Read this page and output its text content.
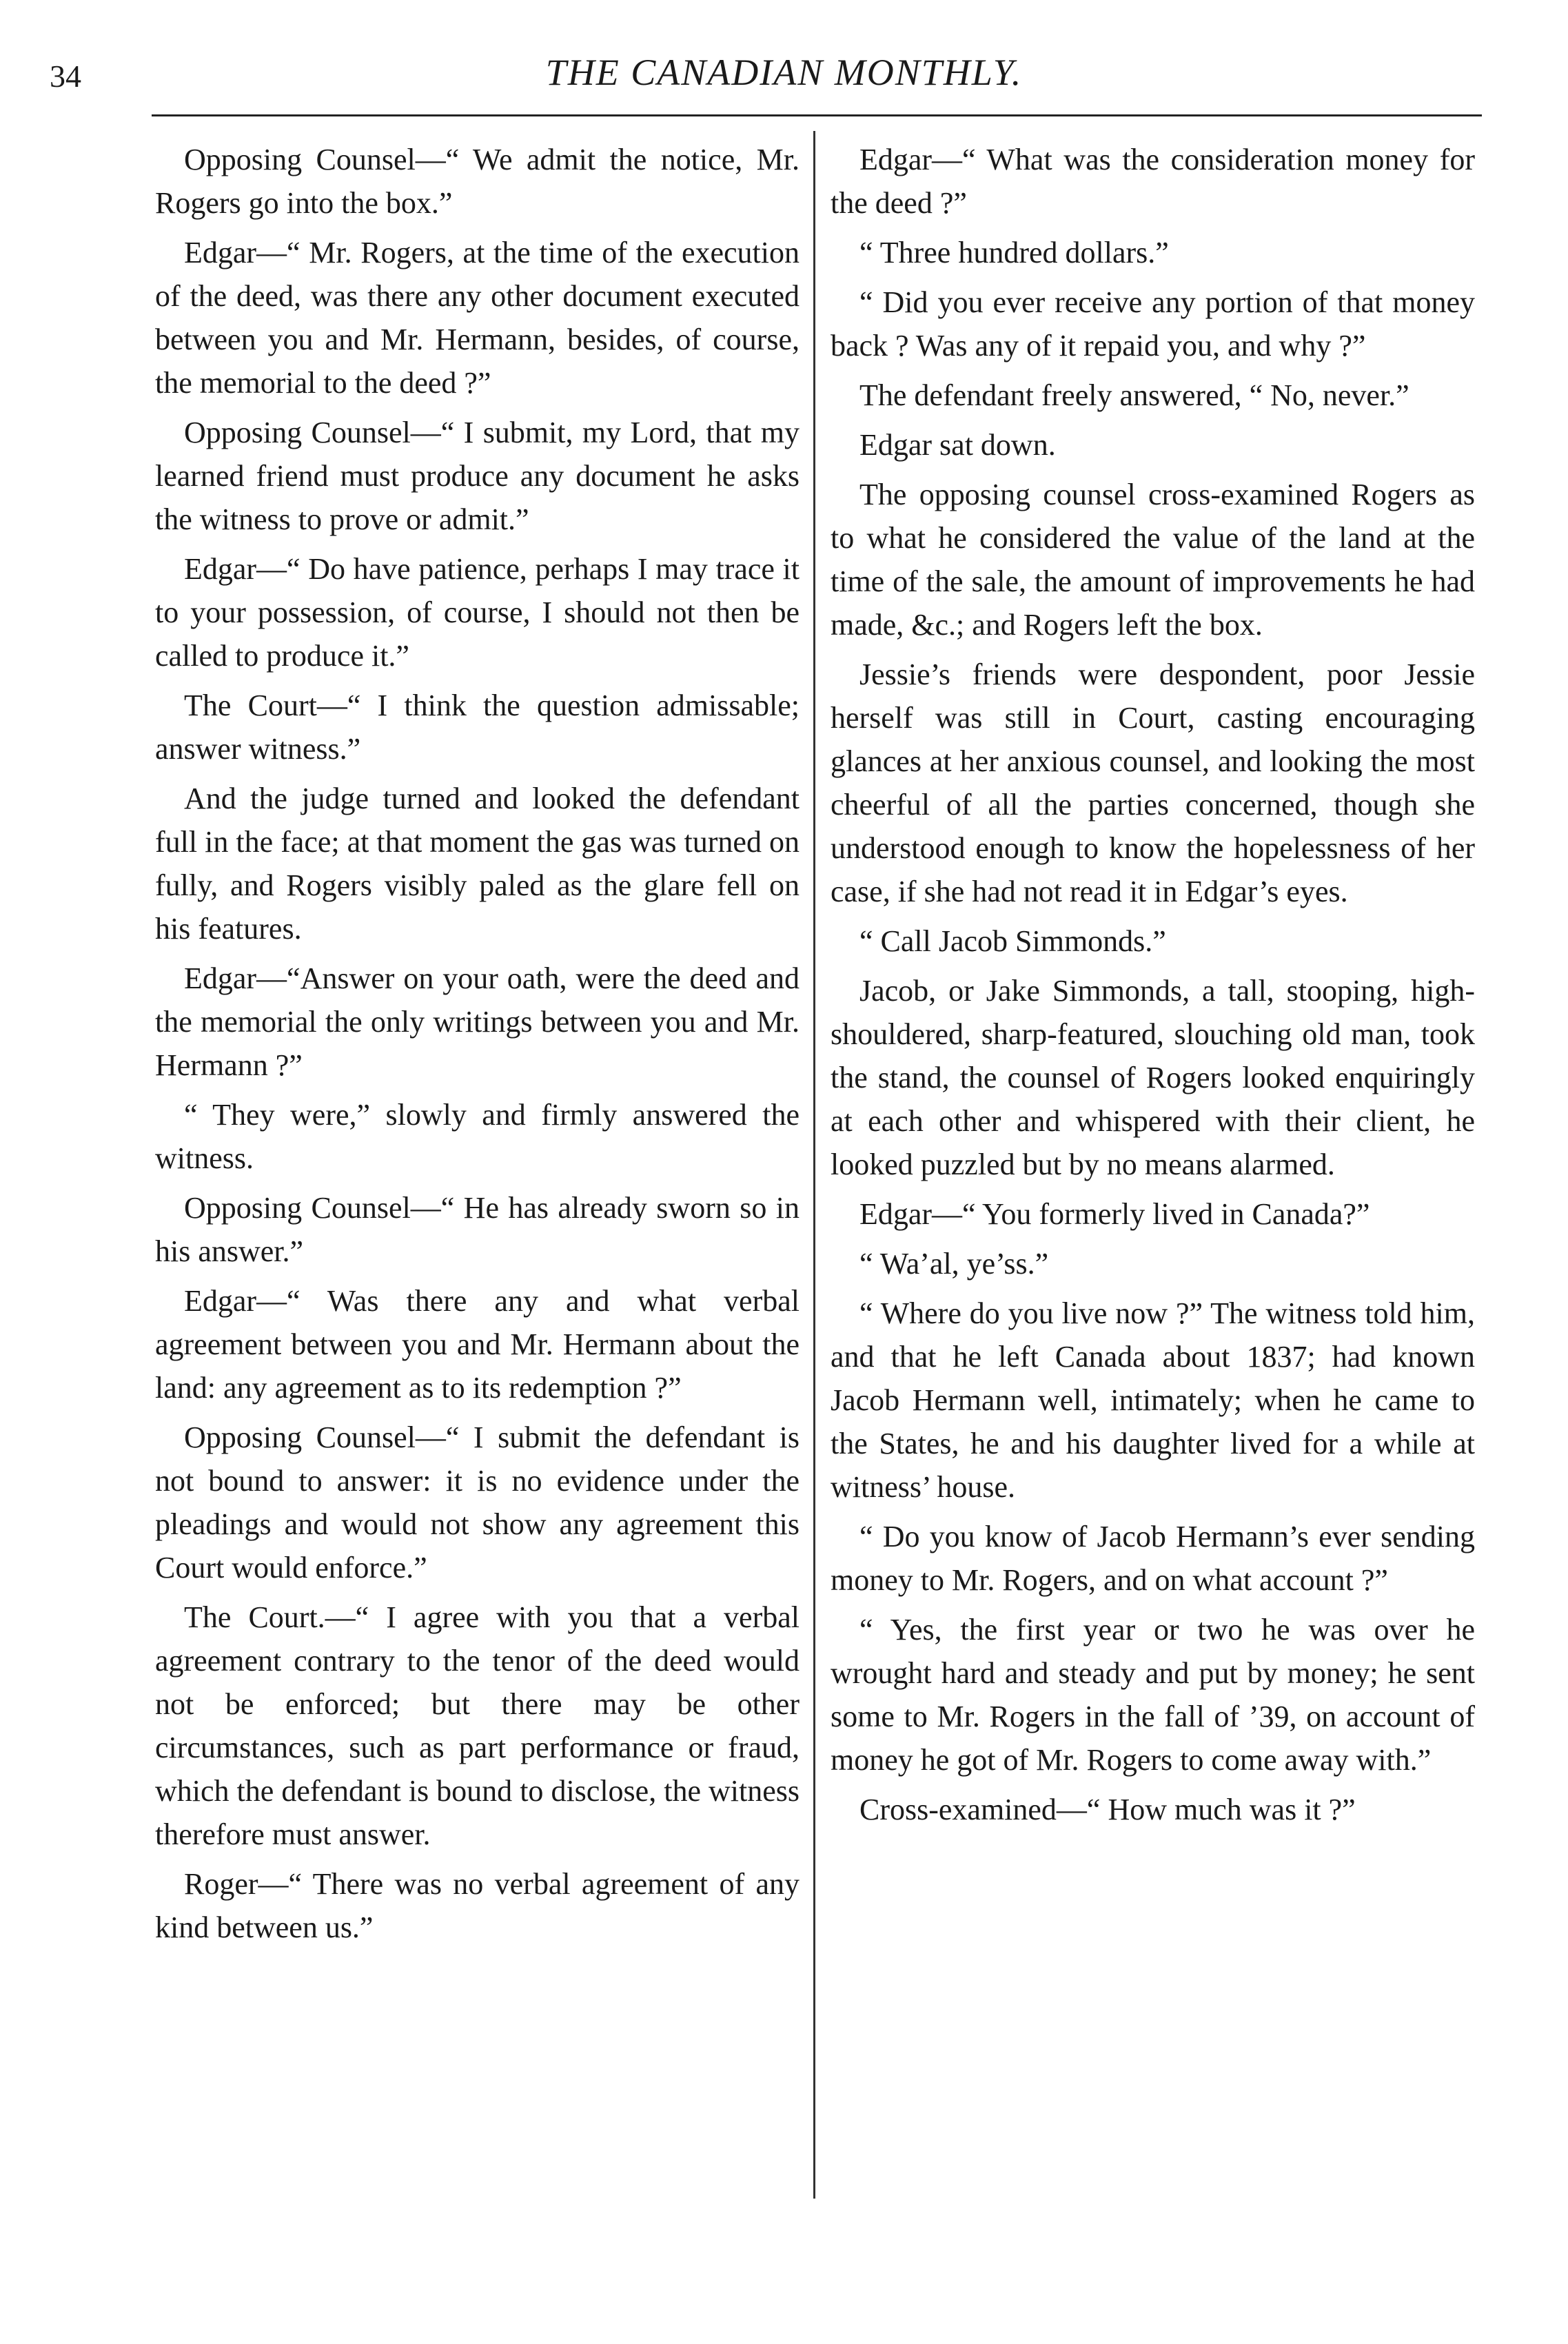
34	THE CANADIAN MONTHLY.

Opposing Counsel—“ We admit the notice, Mr. Rogers go into the box.”

Edgar—“ Mr. Rogers, at the time of the execution of the deed, was there any other document executed between you and Mr. Hermann, besides, of course, the memorial to the deed ?”

Opposing Counsel—“ I submit, my Lord, that my learned friend must produce any document he asks the witness to prove or admit.”

Edgar—“ Do have patience, perhaps I may trace it to your possession, of course, I should not then be called to produce it.”

The Court—“ I think the question admissable; answer witness.”

And the judge turned and looked the defendant full in the face; at that moment the gas was turned on fully, and Rogers visibly paled as the glare fell on his features.

Edgar—“Answer on your oath, were the deed and the memorial the only writings between you and Mr. Hermann ?”

“ They were,” slowly and firmly answered the witness.

Opposing Counsel—“ He has already sworn so in his answer.”

Edgar—“ Was there any and what verbal agreement between you and Mr. Hermann about the land: any agreement as to its redemption ?”

Opposing Counsel—“ I submit the defendant is not bound to answer: it is no evidence under the pleadings and would not show any agreement this Court would enforce.”

The Court.—“ I agree with you that a verbal agreement contrary to the tenor of the deed would not be enforced; but there may be other circumstances, such as part performance or fraud, which the defendant is bound to disclose, the witness therefore must answer.

Roger—“ There was no verbal agreement of any kind between us.”

Edgar—“ What was the consideration money for the deed ?”

“ Three hundred dollars.”

“ Did you ever receive any portion of that money back ? Was any of it repaid you, and why ?”

The defendant freely answered, “ No, never.”

Edgar sat down.

The opposing counsel cross-examined Rogers as to what he considered the value of the land at the time of the sale, the amount of improvements he had made, &c.; and Rogers left the box.

Jessie’s friends were despondent, poor Jessie herself was still in Court, casting encouraging glances at her anxious counsel, and looking the most cheerful of all the parties concerned, though she understood enough to know the hopelessness of her case, if she had not read it in Edgar’s eyes.

“ Call Jacob Simmonds.”

Jacob, or Jake Simmonds, a tall, stooping, high-shouldered, sharp-featured, slouching old man, took the stand, the counsel of Rogers looked enquiringly at each other and whispered with their client, he looked puzzled but by no means alarmed.

Edgar—“ You formerly lived in Canada?”

“ Wa’al, ye’ss.”

“ Where do you live now ?” The witness told him, and that he left Canada about 1837; had known Jacob Hermann well, intimately; when he came to the States, he and his daughter lived for a while at witness’ house.

“ Do you know of Jacob Hermann’s ever sending money to Mr. Rogers, and on what account ?”

“ Yes, the first year or two he was over he wrought hard and steady and put by money; he sent some to Mr. Rogers in the fall of ’39, on account of money he got of Mr. Rogers to come away with.”

Cross-examined—“ How much was it ?”
